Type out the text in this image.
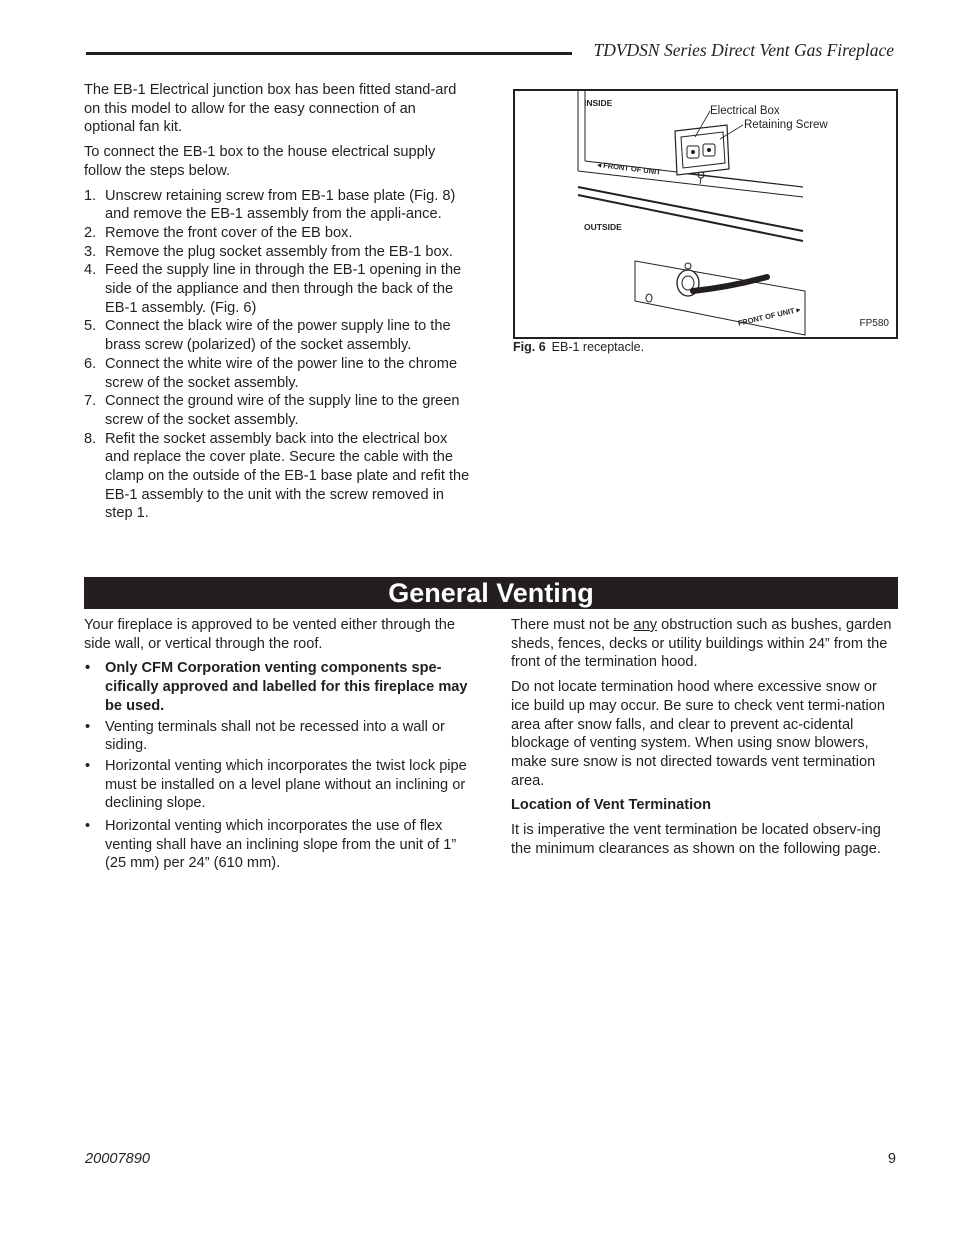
TDVDSN Series Direct Vent Gas Fireplace

The EB-1 Electrical junction box has been fitted stand-ard on this model to allow for the easy connection of an optional fan kit.

To connect the EB-1 box to the house electrical supply follow the steps below.

1. Unscrew retaining screw from EB-1 base plate (Fig. 8) and remove the EB-1 assembly from the appli-ance.
2. Remove the front cover of the EB box.
3. Remove the plug socket assembly from the EB-1 box.
4. Feed the supply line in through the EB-1 opening in the side of the appliance and then through the back of the EB-1 assembly. (Fig. 6)
5. Connect the black wire of the power supply line to the brass screw (polarized) of the socket assembly.
6. Connect the white wire of the power line to the chrome screw of the socket assembly.
7. Connect the ground wire of the supply line to the green screw of the socket assembly.
8. Refit the socket assembly back into the electrical box and replace the cover plate. Secure the cable with the clamp on the outside of the EB-1 base plate and refit the EB-1 assembly to the unit with the screw removed in step 1.
INSIDE
OUTSIDE
Electrical Box
Retaining Screw
◂ FRONT OF UNIT
FRONT OF UNIT ▸	FP580
Fig. 6 EB-1 receptacle.
General Venting

Your fireplace is approved to be vented either through the side wall, or vertical through the roof.

• Only CFM Corporation venting components spe-cifically approved and labelled for this fireplace may be used.
• Venting terminals shall not be recessed into a wall or siding.
• Horizontal venting which incorporates the twist lock pipe must be installed on a level plane without an inclining or declining slope.
• Horizontal venting which incorporates the use of flex venting shall have an inclining slope from the unit of 1” (25 mm) per 24” (610 mm).

There must not be any obstruction such as bushes, garden sheds, fences, decks or utility buildings within 24” from the front of the termination hood.

Do not locate termination hood where excessive snow or ice build up may occur. Be sure to check vent termi-nation area after snow falls, and clear to prevent ac-cidental blockage of venting system. When using snow blowers, make sure snow is not directed towards vent termination area.

Location of Vent Termination

It is imperative the vent termination be located observ-ing the minimum clearances as shown on the following page.

20007890	9
